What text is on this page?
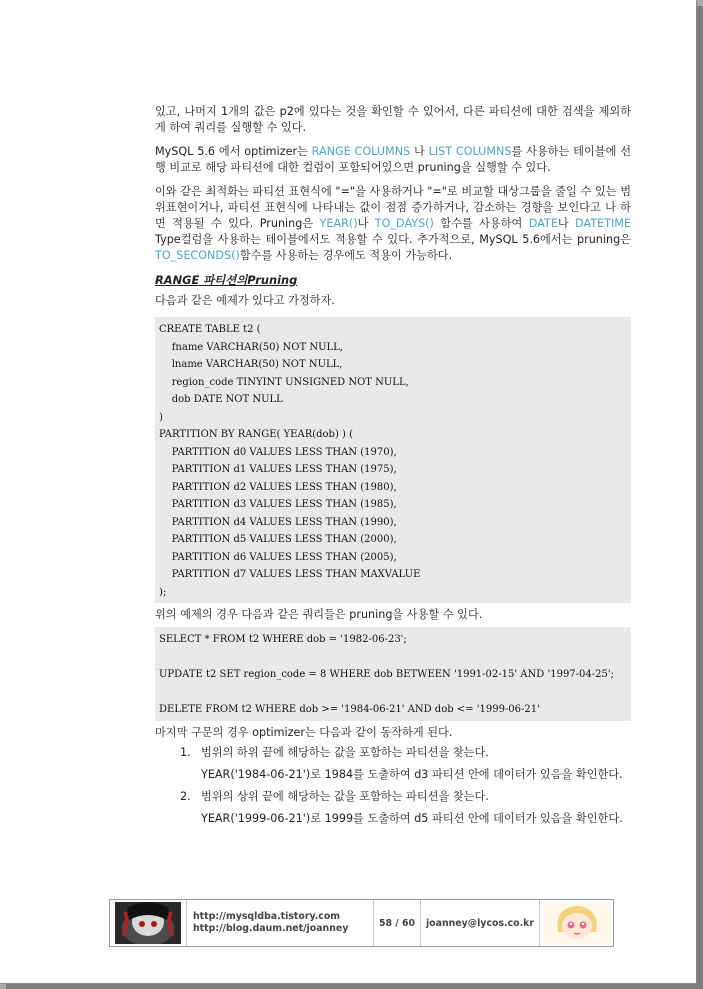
있고, 나머지 1개의 값은 p2에 있다는 것을 확인할 수 있어서, 다른 파티션에 대한 검색을 제외하게 하여 쿼리를 실행할 수 있다.

MySQL 5.6 에서 optimizer는 RANGE COLUMNS 나 LIST COLUMNS를 사용하는 테이블에 선행 비교로 해당 파티션에 대한 컬럼이 포함되어있으면 pruning을 실행할 수 있다.

이와 같은 최적화는 파티션 표현식에 "="을 사용하거나 "="로 비교할 대상그룹을 줄일 수 있는 범위표현이거나, 파티션 표현식에 나타내는 값이 점점 증가하거나, 감소하는 경향을 보인다고 나 하면 적용될 수 있다. Pruning은 YEAR()나 TO_DAYS() 함수를 사용하여 DATE나 DATETIME Type컬럼을 사용하는 테이블에서도 적용할 수 있다. 추가적으로, MySQL 5.6에서는 pruning은 TO_SECONDS()함수를 사용하는 경우에도 적용이 가능하다.

RANGE 파티션의Pruning

다음과 같은 예제가 있다고 가정하자.

CREATE TABLE t2 (
fname VARCHAR(50) NOT NULL,
lname VARCHAR(50) NOT NULL,
region_code TINYINT UNSIGNED NOT NULL,
dob DATE NOT NULL
)
PARTITION BY RANGE( YEAR(dob) ) (
PARTITION d0 VALUES LESS THAN (1970),
PARTITION d1 VALUES LESS THAN (1975),
PARTITION d2 VALUES LESS THAN (1980),
PARTITION d3 VALUES LESS THAN (1985),
PARTITION d4 VALUES LESS THAN (1990),
PARTITION d5 VALUES LESS THAN (2000),
PARTITION d6 VALUES LESS THAN (2005),
PARTITION d7 VALUES LESS THAN MAXVALUE
);

위의 예제의 경우 다음과 같은 쿼리들은 pruning을 사용할 수 있다.

SELECT * FROM t2 WHERE dob = '1982-06-23';
UPDATE t2 SET region_code = 8 WHERE dob BETWEEN '1991-02-15' AND '1997-04-25';
DELETE FROM t2 WHERE dob >= '1984-06-21' AND dob <= '1999-06-21'

마지막 구문의 경우 optimizer는 다음과 같이 동작하게 된다.

1. 범위의 하위 끝에 해당하는 값을 포함하는 파티션을 찾는다.
YEAR('1984-06-21')로 1984를 도출하여 d3 파티션 안에 데이터가 있음을 확인한다.
2. 범위의 상위 끝에 해당하는 값을 포함하는 파티션을 찾는다.
YEAR('1999-06-21')로 1999를 도출하여 d5 파티션 안에 데이터가 있음을 확인한다.
http://mysqldba.tistory.com
http://blog.daum.net/joanney	58 / 60	joanney@lycos.co.kr
